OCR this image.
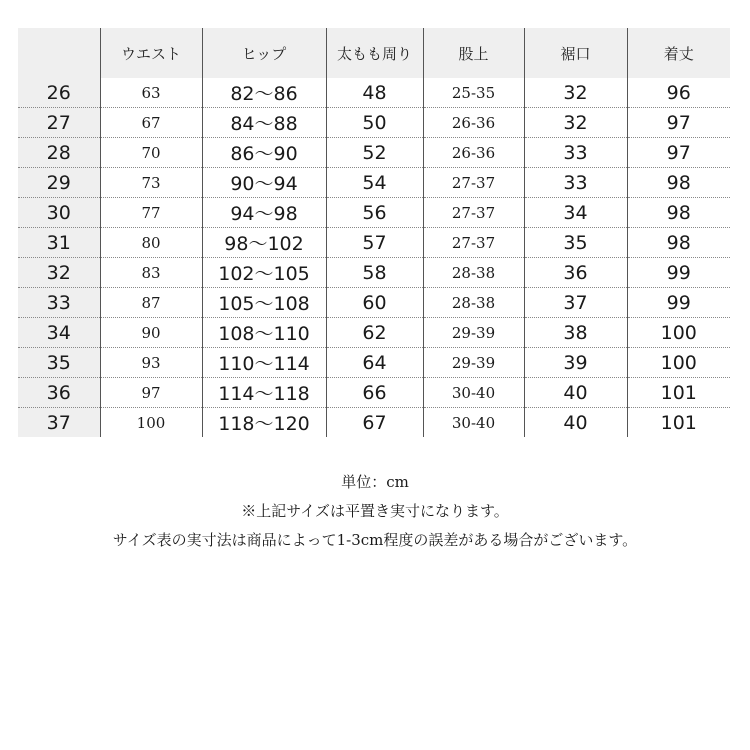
	ウエスト	ヒップ	太もも周り	股上	裾口	着丈
26	63	82～86	48	25-35	32	96
27	67	84～88	50	26-36	32	97
28	70	86～90	52	26-36	33	97
29	73	90～94	54	27-37	33	98
30	77	94～98	56	27-37	34	98
31	80	98～102	57	27-37	35	98
32	83	102～105	58	28-38	36	99
33	87	105～108	60	28-38	37	99
34	90	108～110	62	29-39	38	100
35	93	110～114	64	29-39	39	100
36	97	114～118	66	30-40	40	101
37	100	118～120	67	30-40	40	101
単位：cm
※上記サイズは平置き実寸になります。
サイズ表の実寸法は商品によって1-3cm程度の誤差がある場合がございます。
